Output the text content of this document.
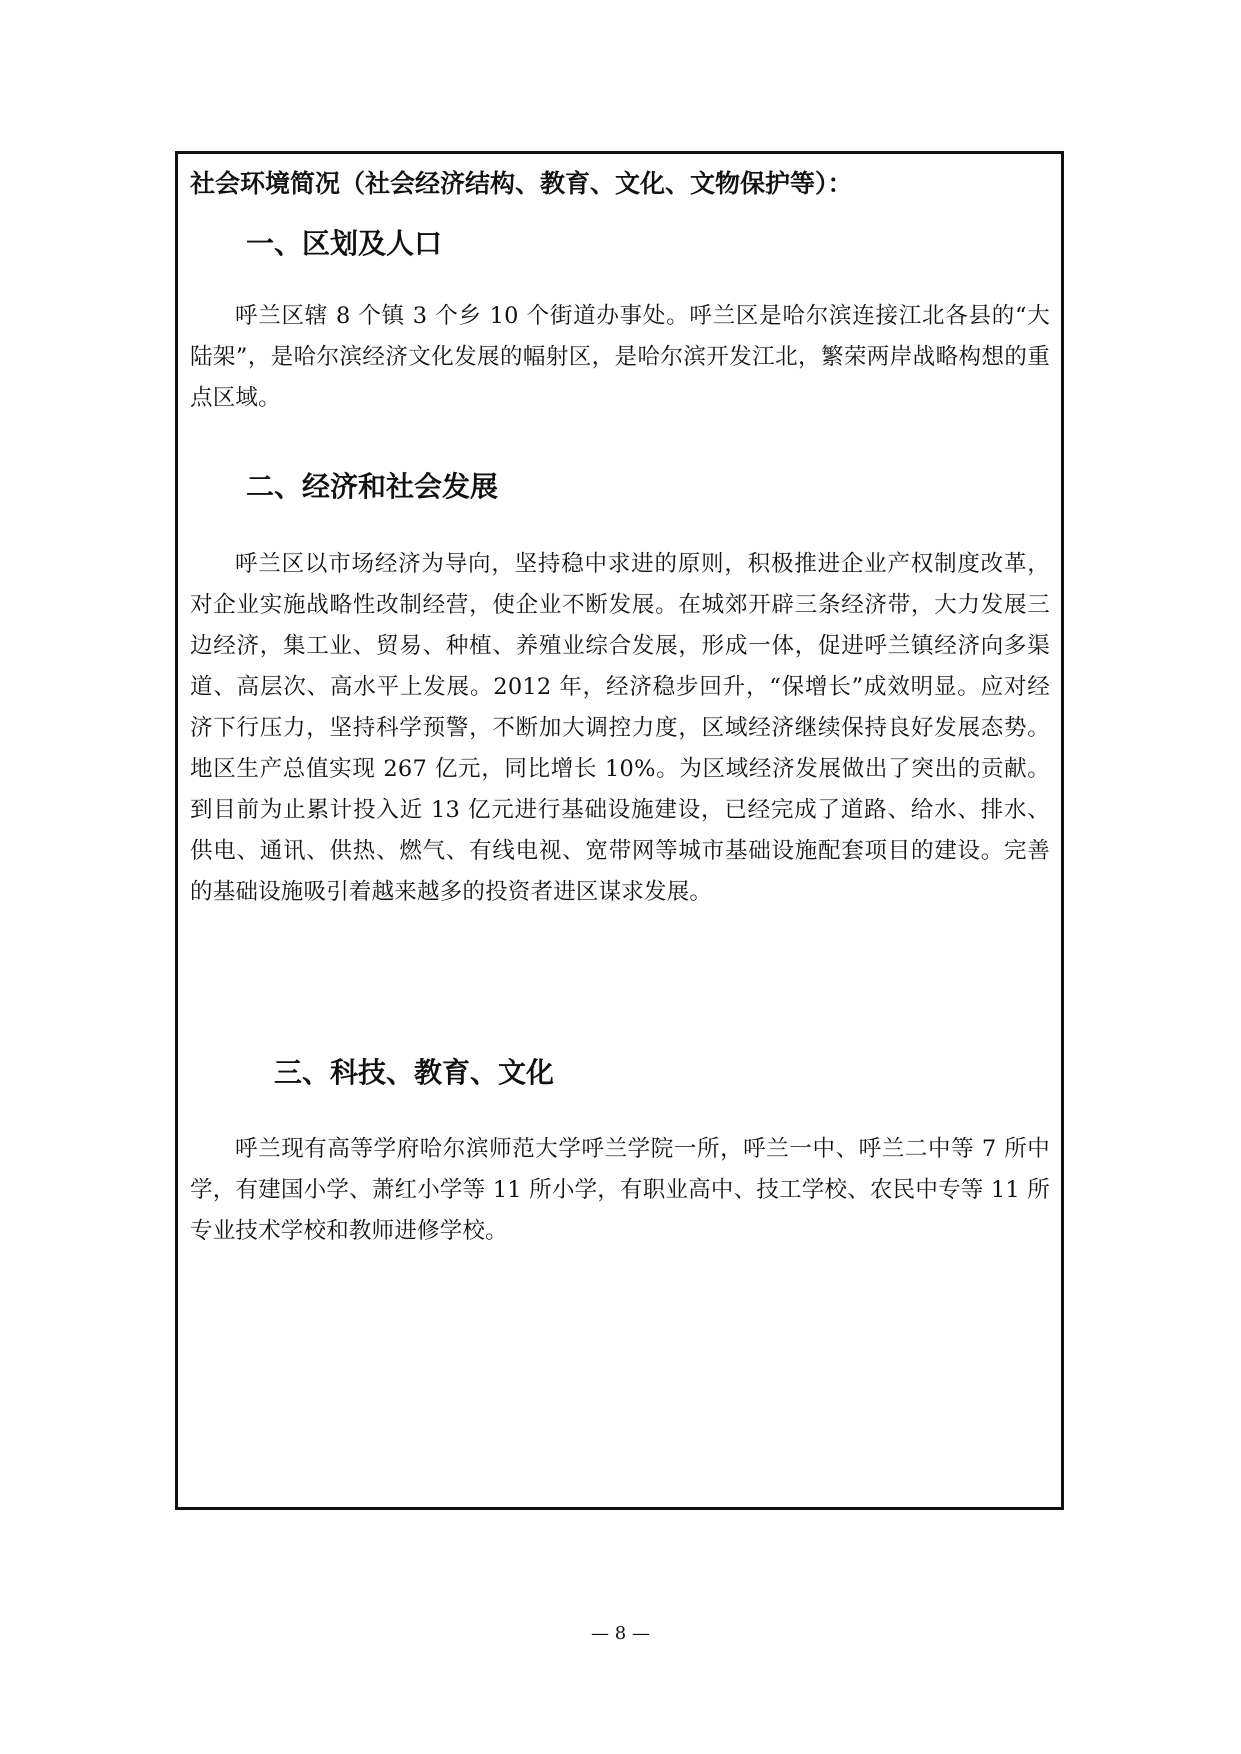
社会环境简况（社会经济结构、教育、文化、文物保护等）：

一、区划及人口

呼兰区辖 8 个镇 3 个乡 10 个街道办事处。呼兰区是哈尔滨连接江北各县的“大陆架”，是哈尔滨经济文化发展的幅射区，是哈尔滨开发江北，繁荣两岸战略构想的重点区域。

二、经济和社会发展

呼兰区以市场经济为导向，坚持稳中求进的原则，积极推进企业产权制度改革，对企业实施战略性改制经营，使企业不断发展。在城郊开辟三条经济带，大力发展三边经济，集工业、贸易、种植、养殖业综合发展，形成一体，促进呼兰镇经济向多渠道、高层次、高水平上发展。2012 年，经济稳步回升，“保增长”成效明显。应对经济下行压力，坚持科学预警，不断加大调控力度，区域经济继续保持良好发展态势。地区生产总值实现 267 亿元，同比增长 10%。为区域经济发展做出了突出的贡献。到目前为止累计投入近 13 亿元进行基础设施建设，已经完成了道路、给水、排水、供电、通讯、供热、燃气、有线电视、宽带网等城市基础设施配套项目的建设。完善的基础设施吸引着越来越多的投资者进区谋求发展。

三、科技、教育、文化

呼兰现有高等学府哈尔滨师范大学呼兰学院一所，呼兰一中、呼兰二中等 7 所中学，有建国小学、萧红小学等 11 所小学，有职业高中、技工学校、农民中专等 11 所专业技术学校和教师进修学校。

— 8 —
